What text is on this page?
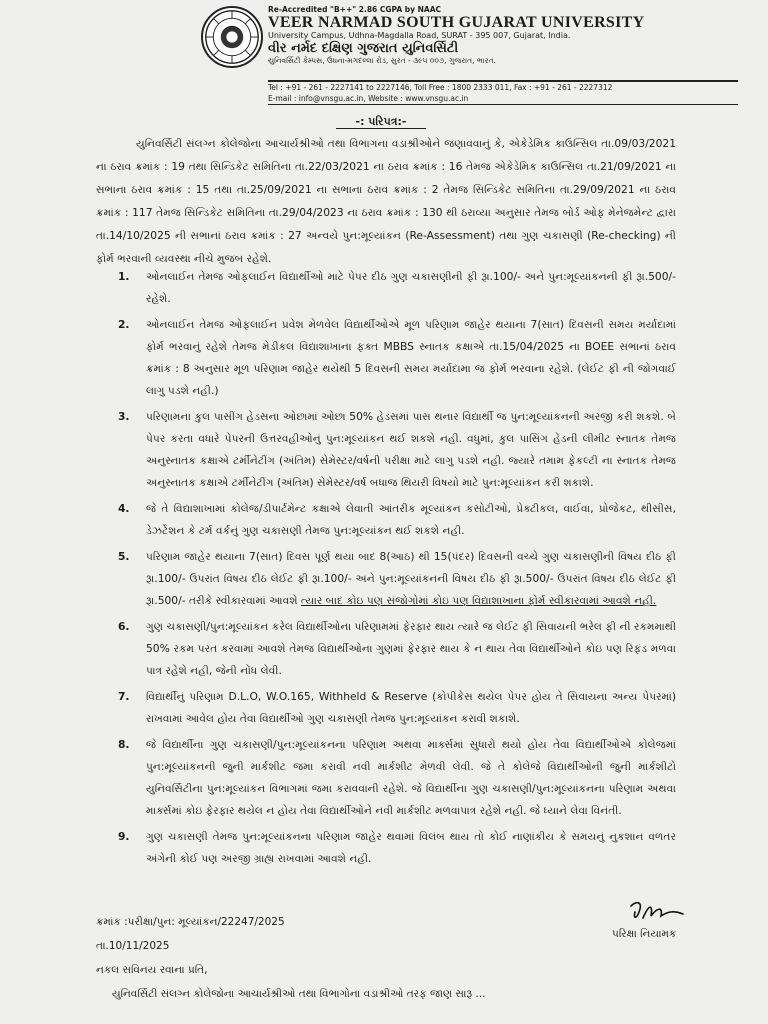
Re-Accredited "B++" 2.86 CGPA by NAAC
VEER NARMAD SOUTH GUJARAT UNIVERSITY
University Campus, Udhna-Magdalla Road, SURAT - 395 007, Gujarat, India.
વીર નર્મદ દક્ષિણ ગુજરાત યુનિવર્સિટી
યુનિવર્સિટી કેમ્પસ, ઉધના-મગદલ્લા રોડ, સુરત - ૩૯૫ ૦૦૭, ગુજરાત, ભારત.
Tel : +91 - 261 - 2227141 to 2227146, Toll Free : 1800 2333 011, Fax : +91 - 261 - 2227312
E-mail : info@vnsgu.ac.in, Website : www.vnsgu.ac.in
-: પરિપત્ર:-
યુનિવર્સિટી સંલગ્ન કોલેજોના આચાર્યશ્રીઓ તથા વિભાગના વડાશ્રીઓને જણાવવાનું કે, એકેડેમિક કાઉન્સિલ તા.09/03/2021 ના ઠરાવ ક્રમાંક : 19 તથા સિન્ડિકેટ સમિતિના તા.22/03/2021 ના ઠરાવ ક્રમાંક : 16 તેમજ એકેડેમિક કાઉન્સિલ તા.21/09/2021 ના સભાના ઠરાવ ક્રમાંક : 15 તથા તા.25/09/2021 ના સભાના ઠરાવ ક્રમાંક : 2 તેમજ સિન્ડિકેટ સમિતિના તા.29/09/2021 ના ઠરાવ ક્રમાંક : 117 તેમજ સિન્ડિકેટ સમિતિના તા.29/04/2023 ના ઠરાવ ક્રમાંક : 130 થી ઠરાવ્યા અનુસાર તેમજ બોર્ડ ઓફ મેનેજમેન્ટ દ્વારા તા.14/10/2025 ની સભાનાં ઠરાવ ક્રમાંક : 27 અન્વયે પુન:મૂલ્યાંકન (Re-Assessment) તથા ગુણ ચકાસણી (Re-checking) ની ફોર્મ ભરવાની વ્યવસ્થા નીચે મુજબ રહેશે.
1. ઓનલાઈન તેમજ ઓફલાઈન વિદ્યાર્થીઓ માટે પેપર દીઠ ગુણ ચકાસણીની ફી રૂા.100/- અને પુન:મૂલ્યાંકનની ફી રૂા.500/- રહેશે.
2. ઓનલાઈન તેમજ ઓફલાઈન પ્રવેશ મેળવેલ વિદ્યાર્થીઓએ મૂળ પરિણામ જાહેર થયાના 7(સાત) દિવસની સમય મર્યાદામાં ફોર્મ ભરવાનું રહેશે તેમજ મેડીકલ વિદ્યાશાખાના ફક્ત MBBS સ્નાતક કક્ષાએ તા.15/04/2025 ના BOEE સભાનાં ઠરાવ ક્રમાંક : 8 અનુસાર મૂળ પરિણામ જાહેર થયેથી 5 દિવસની સમય મર્યાદામા જ ફોર્મ ભરવાના રહેશે. (લેઈટ ફી ની જોગવાઈ લાગુ પડશે નહી.)
3. પરિણામના કુલ પાસીંગ હેડસના ઓછામાં ઓછા 50% હેડસમાં પાસ થનાર વિદ્યાર્થી જ પુન:મૂલ્યાંકનની અરજી કરી શકશે. બે પેપર કરતા વધારે પેપરની ઉત્તરવહીઓનું પુન:મૂલ્યાંકન થઈ શકશે નહી. વધુમાં, કુલ પાસિંગ હેડની લીમીટ સ્નાતક તેમજ અનુસ્નાતક કક્ષાએ ટર્મીનેટીંગ (અંતિમ) સેમેસ્ટર/વર્ષની પરીક્ષા માટે લાગુ પડશે નહી. જ્યારે તમામ ફેકલ્ટી ના સ્નાતક તેમજ અનુસ્નાતક કક્ષાએ ટર્મીનેટીંગ (અંતિમ) સેમેસ્ટર/વર્ષ બધાજ થિયરી વિષયો માટે પુન:મૂલ્યાંકન કરી શકાશે.
4. જે તે વિદ્યાશાખામાં કોલેજ/ડીપાર્ટમેન્ટ કક્ષાએ લેવાતી આંતરીક મૂલ્યાંકન કસોટીઓ, પ્રેક્ટીકલ, વાઈવા, પ્રોજેકટ, થીસીસ, ડેઝર્ટેશન કે ટર્મ વર્કનું ગુણ ચકાસણી તેમજ પુન:મૂલ્યાંકન થઈ શકશે નહી.
5. પરિણામ જાહેર થયાના 7(સાત) દિવસ પૂર્ણ થયા બાદ 8(આઠ) થી 15(પંદર) દિવસની વચ્ચે ગુણ ચકાસણીની વિષય દીઠ ફી રૂા.100/- ઉપરાંત વિષય દીઠ લેઈટ ફી રૂા.100/- અને પુન:મૂલ્યાંકનની વિષય દીઠ ફી રૂા.500/- ઉપરાંત વિષય દીઠ લેઈટ ફી રૂા.500/- તરીકે સ્વીકારવામાં આવશે ત્યાર બાદ કોઇ પણ સંજોગોમાં કોઇ પણ વિદ્યાશાખાના ફોર્મ સ્વીકારવામાં આવશે નહી.
6. ગુણ ચકાસણી/પુન:મૂલ્યાંકન કરેલ વિદ્યાર્થીઓના પરિણામમાં ફેરફાર થાય ત્યારે જ લેઈટ ફી સિવાયની ભરેલ ફી ની રકમમાથી 50% રકમ પરત કરવામાં આવશે તેમજ વિદ્યાર્થીઓના ગુણમાં ફેરફાર થાય કે ન થાય તેવા વિદ્યાર્થીઓને કોઇ પણ રિફંડ મળવા પાત્ર રહેશે નહી, જેની નોંધ લેવી.
7. વિદ્યાર્થીનું પરિણામ D.L.O, W.O.165, Withheld & Reserve (કોપીકેસ થયેલ પેપર હોય તે સિવાયના અન્ય પેપરમાં) રાખવામાં આવેલ હોય તેવા વિદ્યાર્થીઓ ગુણ ચકાસણી તેમજ પુન:મૂલ્યાંકન કરાવી શકાશે.
8. જે વિદ્યાર્થીના ગુણ ચકાસણી/પુન:મૂલ્યાંકનના પરિણામ અથવા માર્ક્સમાં સુધારો થયો હોય તેવા વિદ્યાર્થીઓએ કોલેજમાં પુન:મૂલ્યાંકનની જુની માર્કશીટ જમા કરાવી નવી માર્કશીટ મેળવી લેવી. જે તે કોલેજે વિદ્યાર્થીઓની જુની માર્કશીટો યુનિવર્સિટીના પુન:મૂલ્યાંકન વિભાગમાં જમા કરાવવાની રહેશે. જે વિદ્યાર્થીના ગુણ ચકાસણી/પુન:મૂલ્યાંકનના પરિણામ અથવા માર્ક્સમાં કોઇ ફેરફાર થયેલ ન હોય તેવા વિદ્યાર્થીઓને નવી માર્કશીટ મળવાપાત્ર રહેશે નહી. જે ધ્યાને લેવા વિનંતી.
9. ગુણ ચકાસણી તેમજ પુન:મૂલ્યાંકનના પરિણામ જાહેર થવામાં વિલંબ થાય તો કોઈ નાણાંકીય કે સમયનું નુકશાન વળતર અંગેની કોઈ પણ અરજી ગ્રાહ્ય રાખવામાં આવશે નહી.
ક્રમાંક :પરીક્ષા/પુન: મૂલ્યાંકન/22247/2025
તા.10/11/2025
નકલ સવિનય રવાના પ્રતિ,
યુનિવર્સિટી સંલગ્ન કોલેજોના આચાર્યશ્રીઓ તથા વિભાગોના વડાશ્રીઓ તરફ જાણ સારૂ ...
પરિક્ષા નિયામક
